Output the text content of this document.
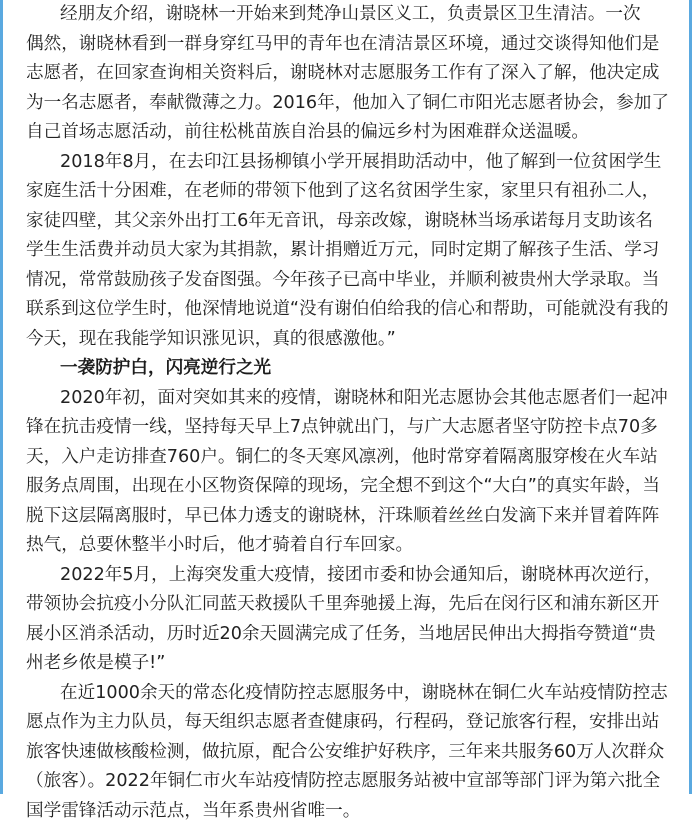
经朋友介绍，谢晓林一开始来到梵净山景区义工，负责景区卫生清洁。一次
偶然，谢晓林看到一群身穿红马甲的青年也在清洁景区环境，通过交谈得知他们是
志愿者，在回家查询相关资料后，谢晓林对志愿服务工作有了深入了解，他决定成
为一名志愿者，奉献微薄之力。2016年，他加入了铜仁市阳光志愿者协会，参加了
自己首场志愿活动，前往松桃苗族自治县的偏远乡村为困难群众送温暖。
2018年8月，在去印江县扬柳镇小学开展捐助活动中，他了解到一位贫困学生
家庭生活十分困难，在老师的带领下他到了这名贫困学生家，家里只有祖孙二人，
家徒四壁，其父亲外出打工6年无音讯，母亲改嫁，谢晓林当场承诺每月支助该名
学生生活费并动员大家为其捐款，累计捐赠近万元，同时定期了解孩子生活、学习
情况，常常鼓励孩子发奋图强。今年孩子已高中毕业，并顺利被贵州大学录取。当
联系到这位学生时，他深情地说道“没有谢伯伯给我的信心和帮助，可能就没有我的
今天，现在我能学知识涨见识，真的很感激他。”
一袭防护白，闪亮逆行之光
2020年初，面对突如其来的疫情，谢晓林和阳光志愿协会其他志愿者们一起冲
锋在抗击疫情一线，坚持每天早上7点钟就出门，与广大志愿者坚守防控卡点70多
天，入户走访排查760户。铜仁的冬天寒风凛冽，他时常穿着隔离服穿梭在火车站
服务点周围，出现在小区物资保障的现场，完全想不到这个“大白”的真实年龄，当
脱下这层隔离服时，早已体力透支的谢晓林，汗珠顺着丝丝白发滴下来并冒着阵阵
热气，总要休整半小时后，他才骑着自行车回家。
2022年5月，上海突发重大疫情，接团市委和协会通知后，谢晓林再次逆行，
带领协会抗疫小分队汇同蓝天救援队千里奔驰援上海，先后在闵行区和浦东新区开
展小区消杀活动，历时近20余天圆满完成了任务，当地居民伸出大拇指夸赞道“贵
州老乡侬是模子!”
在近1000余天的常态化疫情防控志愿服务中，谢晓林在铜仁火车站疫情防控志
愿点作为主力队员，每天组织志愿者查健康码，行程码，登记旅客行程，安排出站
旅客快速做核酸检测，做抗原，配合公安维护好秩序，三年来共服务60万人次群众
（旅客）。2022年铜仁市火车站疫情防控志愿服务站被中宣部等部门评为第六批全
国学雷锋活动示范点，当年系贵州省唯一。
